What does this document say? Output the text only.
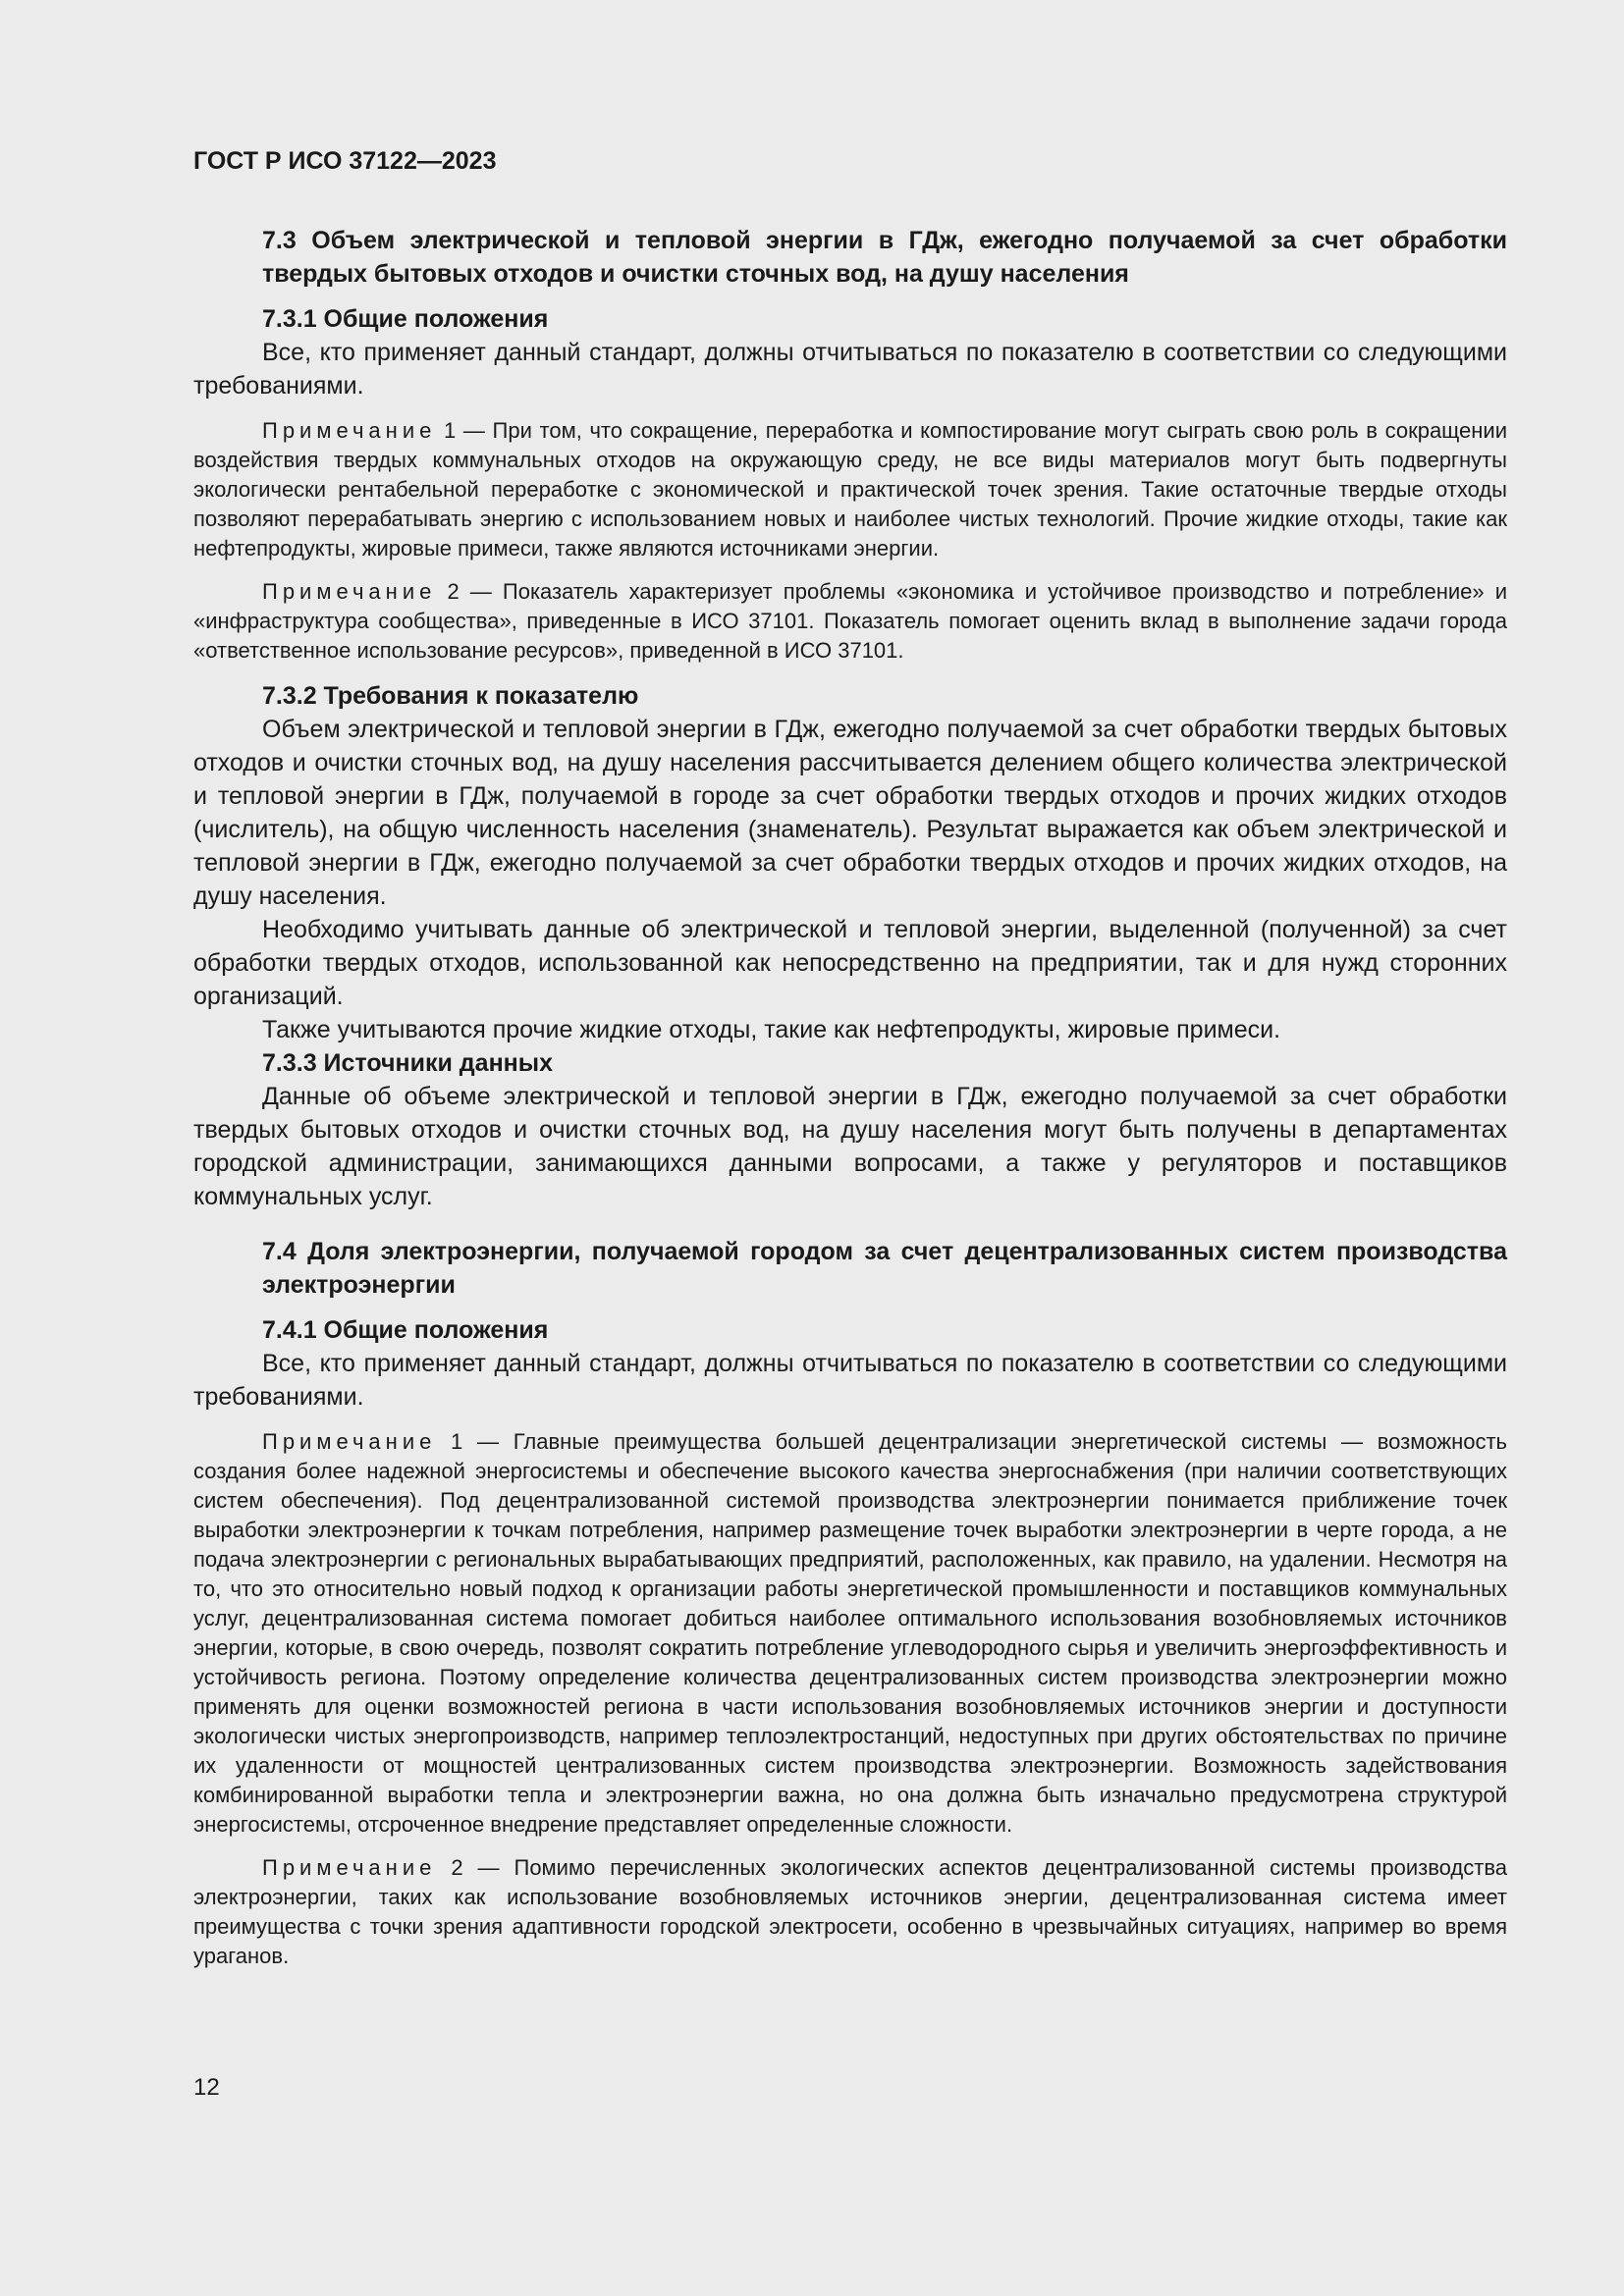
ГОСТ Р ИСО 37122—2023

7.3 Объем электрической и тепловой энергии в ГДж, ежегодно получаемой за счет обработки твердых бытовых отходов и очистки сточных вод, на душу населения

7.3.1 Общие положения

Все, кто применяет данный стандарт, должны отчитываться по показателю в соответствии со следующими требованиями.

Примечание 1 — При том, что сокращение, переработка и компостирование могут сыграть свою роль в сокращении воздействия твердых коммунальных отходов на окружающую среду, не все виды материалов могут быть подвергнуты экологически рентабельной переработке с экономической и практической точек зрения. Такие остаточные твердые отходы позволяют перерабатывать энергию с использованием новых и наиболее чистых технологий. Прочие жидкие отходы, такие как нефтепродукты, жировые примеси, также являются источниками энергии.

Примечание 2 — Показатель характеризует проблемы «экономика и устойчивое производство и потребление» и «инфраструктура сообщества», приведенные в ИСО 37101. Показатель помогает оценить вклад в выполнение задачи города «ответственное использование ресурсов», приведенной в ИСО 37101.

7.3.2 Требования к показателю

Объем электрической и тепловой энергии в ГДж, ежегодно получаемой за счет обработки твердых бытовых отходов и очистки сточных вод, на душу населения рассчитывается делением общего количества электрической и тепловой энергии в ГДж, получаемой в городе за счет обработки твердых отходов и прочих жидких отходов (числитель), на общую численность населения (знаменатель). Результат выражается как объем электрической и тепловой энергии в ГДж, ежегодно получаемой за счет обработки твердых отходов и прочих жидких отходов, на душу населения.

Необходимо учитывать данные об электрической и тепловой энергии, выделенной (полученной) за счет обработки твердых отходов, использованной как непосредственно на предприятии, так и для нужд сторонних организаций.

Также учитываются прочие жидкие отходы, такие как нефтепродукты, жировые примеси.

7.3.3 Источники данных

Данные об объеме электрической и тепловой энергии в ГДж, ежегодно получаемой за счет обработки твердых бытовых отходов и очистки сточных вод, на душу населения могут быть получены в департаментах городской администрации, занимающихся данными вопросами, а также у регуляторов и поставщиков коммунальных услуг.

7.4 Доля электроэнергии, получаемой городом за счет децентрализованных систем производства электроэнергии

7.4.1 Общие положения

Все, кто применяет данный стандарт, должны отчитываться по показателю в соответствии со следующими требованиями.

Примечание 1 — Главные преимущества большей децентрализации энергетической системы — возможность создания более надежной энергосистемы и обеспечение высокого качества энергоснабжения (при наличии соответствующих систем обеспечения). Под децентрализованной системой производства электроэнергии понимается приближение точек выработки электроэнергии к точкам потребления, например размещение точек выработки электроэнергии в черте города, а не подача электроэнергии с региональных вырабатывающих предприятий, расположенных, как правило, на удалении. Несмотря на то, что это относительно новый подход к организации работы энергетической промышленности и поставщиков коммунальных услуг, децентрализованная система помогает добиться наиболее оптимального использования возобновляемых источников энергии, которые, в свою очередь, позволят сократить потребление углеводородного сырья и увеличить энергоэффективность и устойчивость региона. Поэтому определение количества децентрализованных систем производства электроэнергии можно применять для оценки возможностей региона в части использования возобновляемых источников энергии и доступности экологически чистых энергопроизводств, например теплоэлектростанций, недоступных при других обстоятельствах по причине их удаленности от мощностей централизованных систем производства электроэнергии. Возможность задействования комбинированной выработки тепла и электроэнергии важна, но она должна быть изначально предусмотрена структурой энергосистемы, отсроченное внедрение представляет определенные сложности.

Примечание 2 — Помимо перечисленных экологических аспектов децентрализованной системы производства электроэнергии, таких как использование возобновляемых источников энергии, децентрализованная система имеет преимущества с точки зрения адаптивности городской электросети, особенно в чрезвычайных ситуациях, например во время ураганов.

12
